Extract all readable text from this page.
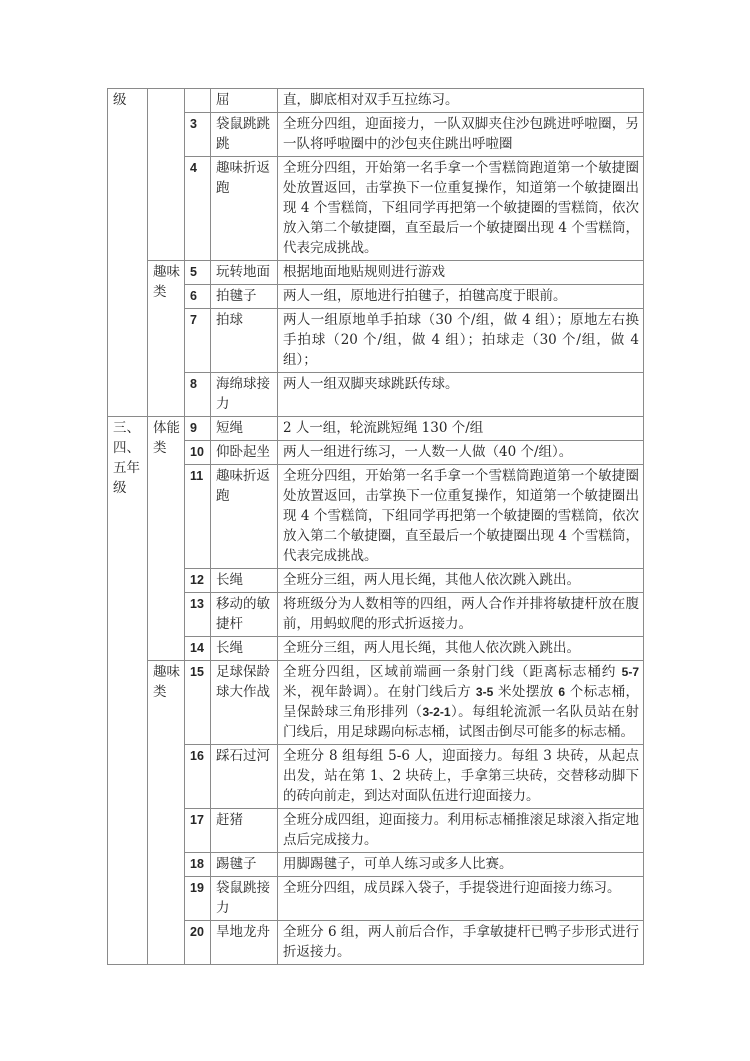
级			屈	直，脚底相对双手互拉练习。
		3	袋鼠跳跳跳	全班分四组，迎面接力，一队双脚夹住沙包跳进呼啦圈，另一队将呼啦圈中的沙包夹住跳出呼啦圈
		4	趣味折返跑	全班分四组，开始第一名手拿一个雪糕筒跑道第一个敏捷圈处放置返回，击掌换下一位重复操作，知道第一个敏捷圈出现 4 个雪糕筒，下组同学再把第一个敏捷圈的雪糕筒，依次放入第二个敏捷圈，直至最后一个敏捷圈出现 4 个雪糕筒，代表完成挑战。
	趣味类	5	玩转地面	根据地面地贴规则进行游戏
		6	拍毽子	两人一组，原地进行拍毽子，拍毽高度于眼前。
		7	拍球	两人一组原地单手拍球（30 个/组，做 4 组）；原地左右换手拍球（20 个/组，做 4 组）；拍球走（30 个/组，做 4 组）；
		8	海绵球接力	两人一组双脚夹球跳跃传球。
三、四、五年级	体能类	9	短绳	2 人一组，轮流跳短绳 130 个/组
		10	仰卧起坐	两人一组进行练习，一人数一人做（40 个/组）。
		11	趣味折返跑	全班分四组，开始第一名手拿一个雪糕筒跑道第一个敏捷圈处放置返回，击掌换下一位重复操作，知道第一个敏捷圈出现 4 个雪糕筒，下组同学再把第一个敏捷圈的雪糕筒，依次放入第二个敏捷圈，直至最后一个敏捷圈出现 4 个雪糕筒，代表完成挑战。
		12	长绳	全班分三组，两人甩长绳，其他人依次跳入跳出。
		13	移动的敏捷杆	将班级分为人数相等的四组，两人合作并排将敏捷杆放在腹前，用蚂蚁爬的形式折返接力。
		14	长绳	全班分三组，两人甩长绳，其他人依次跳入跳出。
	趣味类	15	足球保龄球大作战	全班分四组，区域前端画一条射门线（距离标志桶约 5-7 米，视年龄调）。在射门线后方 3-5 米处摆放 6 个标志桶，呈保龄球三角形排列（3-2-1）。每组轮流派一名队员站在射门线后，用足球踢向标志桶，试图击倒尽可能多的标志桶。
		16	踩石过河	全班分 8 组每组 5-6 人，迎面接力。每组 3 块砖，从起点出发，站在第 1、2 块砖上，手拿第三块砖，交替移动脚下的砖向前走，到达对面队伍进行迎面接力。
		17	赶猪	全班分成四组，迎面接力。利用标志桶推滚足球滚入指定地点后完成接力。
		18	踢毽子	用脚踢毽子，可单人练习或多人比赛。
		19	袋鼠跳接力	全班分四组，成员踩入袋子，手提袋进行迎面接力练习。
		20	旱地龙舟	全班分 6 组，两人前后合作，手拿敏捷杆已鸭子步形式进行折返接力。
